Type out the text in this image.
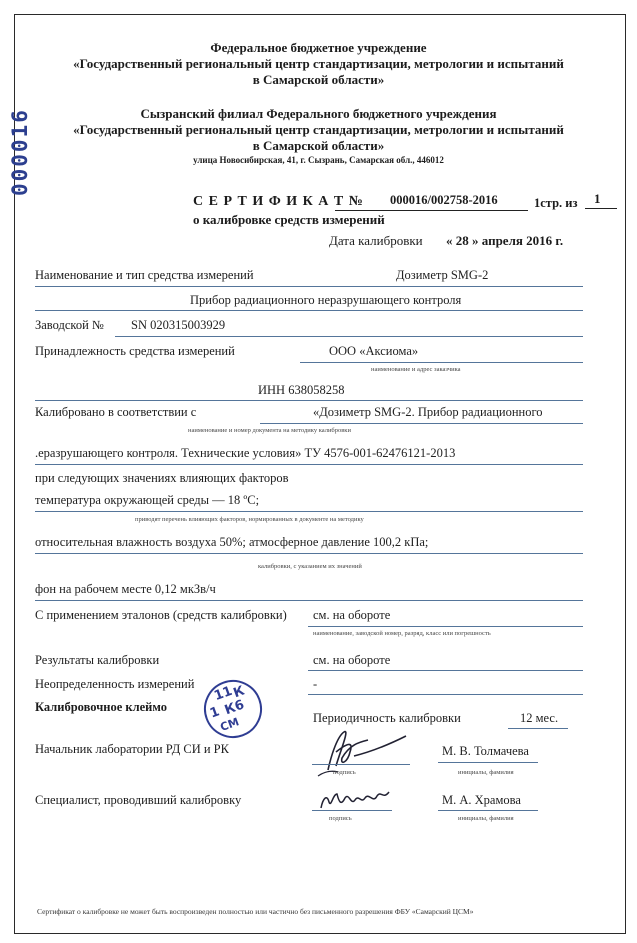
000016
Федеральное бюджетное учреждение
«Государственный региональный центр стандартизации, метрологии и испытаний
в Самарской области»
Сызранский филиал Федерального бюджетного учреждения
«Государственный региональный центр стандартизации, метрологии и испытаний
в Самарской области»
улица Новосибирская, 41, г. Сызрань, Самарская обл., 446012
С Е Р Т И Ф И К А Т № 000016/002758-2016	1стр. из 1
о калибровке средств измерений
Дата калибровки « 28 » апреля 2016 г.
Наименование и тип средства измерений	Дозиметр SMG-2
Прибор радиационного неразрушающего контроля
Заводской № SN 020315003929
Принадлежность средства измерений	ООО «Аксиома»
наименование и адрес заказчика
ИНН 638058258
Калибровано в соответствии с	«Дозиметр SMG-2. Прибор радиационного
наименование и номер документа на методику калибровки
.еразрушающего контроля. Технические условия» ТУ 4576-001-62476121-2013
при следующих значениях влияющих факторов
температура окружающей среды — 18 ºС;
приводят перечень влияющих факторов, нормированных в документе на методику
относительная влажность воздуха 50%; атмосферное давление 100,2 кПа;
калибровки, с указанием их значений
фон на рабочем месте 0,12 мкЗв/ч
С применением эталонов (средств калибровки) см. на обороте
наименование, заводской номер, разряд, класс или погрешность
Результаты калибровки	см. на обороте
Неопределенность измерений	-
Калибровочное клеймо
11
К
1 К6
СМ	Периодичность калибровки	12 мес.
Начальник лаборатории РД СИ и РК
подпись
М. В. Толмачева
инициалы, фамилия
Специалист, проводивший калибровку
подпись
М. А. Храмова
инициалы, фамилия
Сертификат о калибровке не может быть воспроизведен полностью или частично без письменного разрешения ФБУ «Самарский ЦСМ»
